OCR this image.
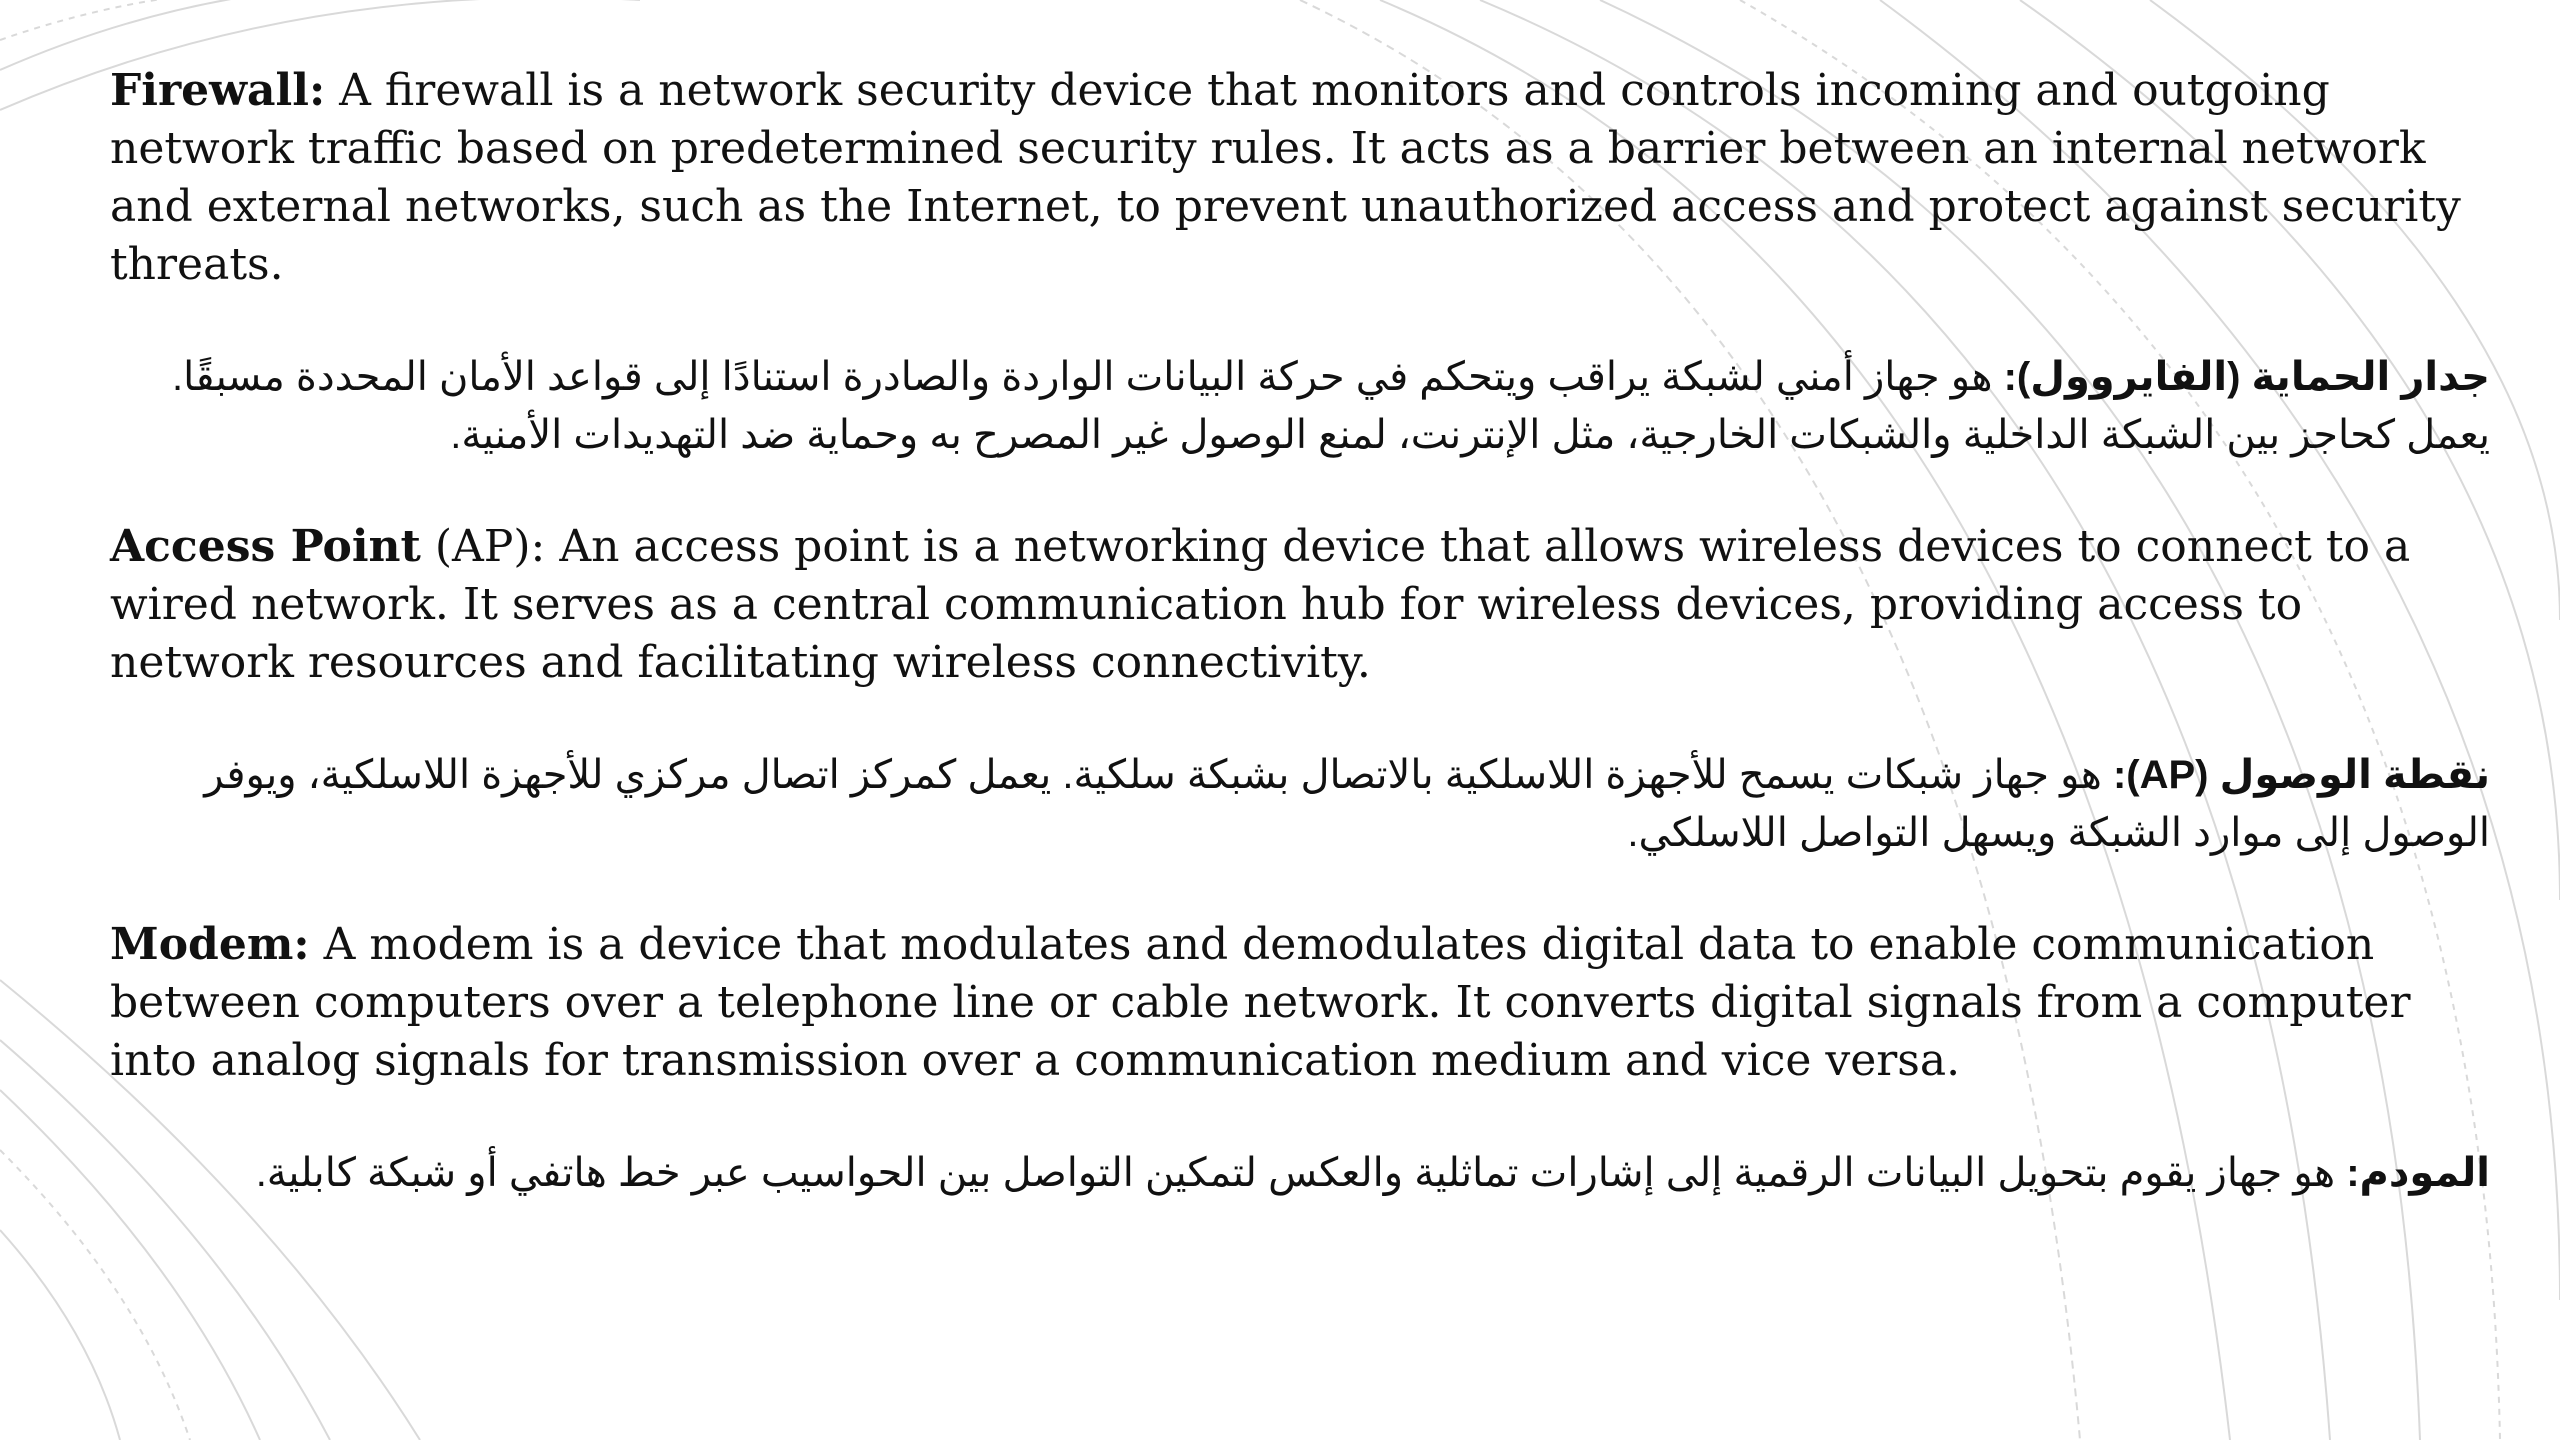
Firewall: A firewall is a network security device that monitors and controls incoming and outgoing network traffic based on predetermined security rules. It acts as a barrier between an internal network and external networks, such as the Internet, to prevent unauthorized access and protect against security threats.

جدار الحماية (الفايروول): هو جهاز أمني لشبكة يراقب ويتحكم في حركة البيانات الواردة والصادرة استنادًا إلى قواعد الأمان المحددة مسبقًا. يعمل كحاجز بين الشبكة الداخلية والشبكات الخارجية، مثل الإنترنت، لمنع الوصول غير المصرح به وحماية ضد التهديدات الأمنية.

Access Point (AP): An access point is a networking device that allows wireless devices to connect to a wired network. It serves as a central communication hub for wireless devices, providing access to network resources and facilitating wireless connectivity.

نقطة الوصول (AP): هو جهاز شبكات يسمح للأجهزة اللاسلكية بالاتصال بشبكة سلكية. يعمل كمركز اتصال مركزي للأجهزة اللاسلكية، ويوفر الوصول إلى موارد الشبكة ويسهل التواصل اللاسلكي.

Modem: A modem is a device that modulates and demodulates digital data to enable communication between computers over a telephone line or cable network. It converts digital signals from a computer into analog signals for transmission over a communication medium and vice versa.

المودم: هو جهاز يقوم بتحويل البيانات الرقمية إلى إشارات تماثلية والعكس لتمكين التواصل بين الحواسيب عبر خط هاتفي أو شبكة كابلية.
